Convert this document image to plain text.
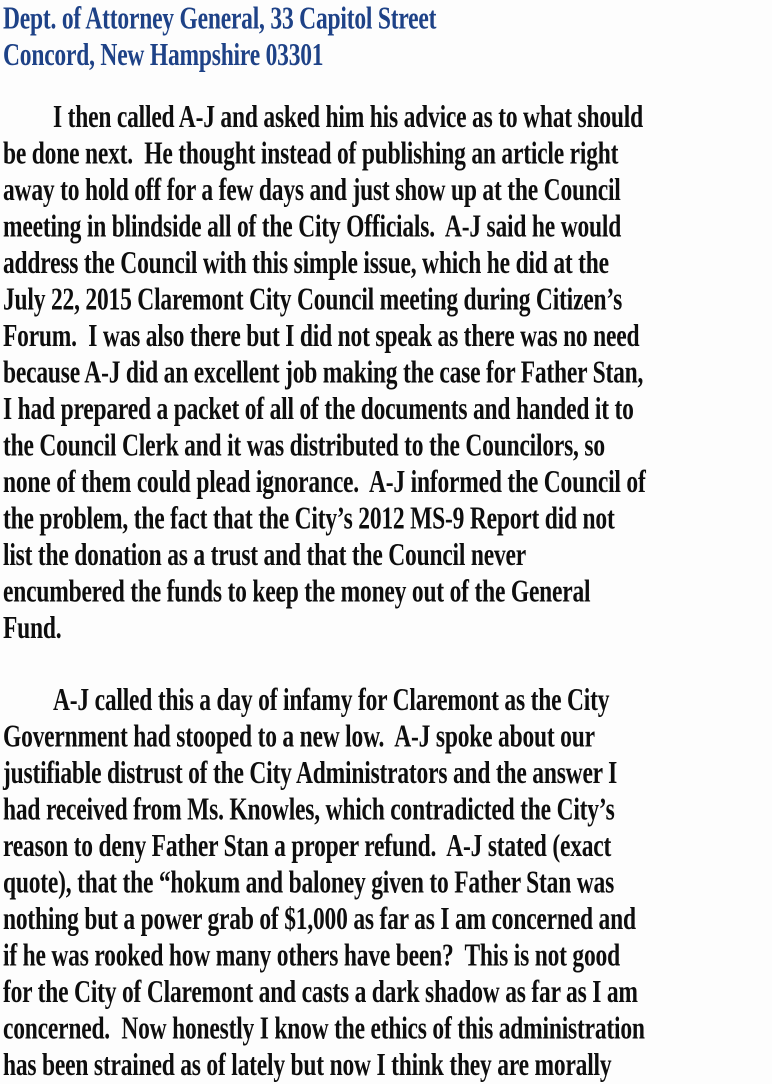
Dept. of Attorney General, 33 Capitol Street
Concord, New Hampshire 03301
I then called A-J and asked him his advice as to what should
be done next.  He thought instead of publishing an article right
away to hold off for a few days and just show up at the Council
meeting in blindside all of the City Officials.  A-J said he would
address the Council with this simple issue, which he did at the
July 22, 2015 Claremont City Council meeting during Citizen’s
Forum.  I was also there but I did not speak as there was no need
because A-J did an excellent job making the case for Father Stan,
I had prepared a packet of all of the documents and handed it to
the Council Clerk and it was distributed to the Councilors, so
none of them could plead ignorance.  A-J informed the Council of
the problem, the fact that the City’s 2012 MS-9 Report did not
list the donation as a trust and that the Council never
encumbered the funds to keep the money out of the General
Fund.
A-J called this a day of infamy for Claremont as the City
Government had stooped to a new low.  A-J spoke about our
justifiable distrust of the City Administrators and the answer I
had received from Ms. Knowles, which contradicted the City’s
reason to deny Father Stan a proper refund.  A-J stated (exact
quote), that the “hokum and baloney given to Father Stan was
nothing but a power grab of $1,000 as far as I am concerned and
if he was rooked how many others have been?  This is not good
for the City of Claremont and casts a dark shadow as far as I am
concerned.  Now honestly I know the ethics of this administration
has been strained as of lately but now I think they are morally
